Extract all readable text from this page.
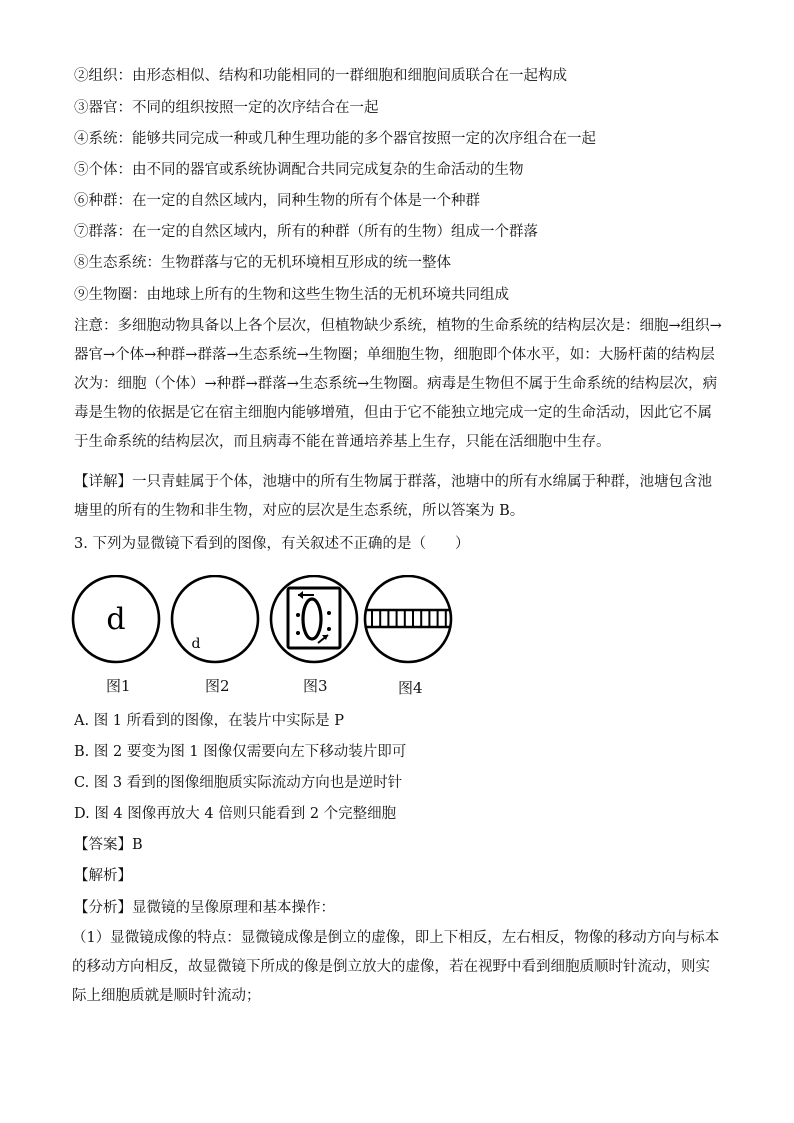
②组织：由形态相似、结构和功能相同的一群细胞和细胞间质联合在一起构成
③器官：不同的组织按照一定的次序结合在一起
④系统：能够共同完成一种或几种生理功能的多个器官按照一定的次序组合在一起
⑤个体：由不同的器官或系统协调配合共同完成复杂的生命活动的生物
⑥种群：在一定的自然区域内，同种生物的所有个体是一个种群
⑦群落：在一定的自然区域内，所有的种群（所有的生物）组成一个群落
⑧生态系统：生物群落与它的无机环境相互形成的统一整体
⑨生物圈：由地球上所有的生物和这些生物生活的无机环境共同组成
注意：多细胞动物具备以上各个层次，但植物缺少系统，植物的生命系统的结构层次是：细胞→组织→器官→个体→种群→群落→生态系统→生物圈；单细胞生物，细胞即个体水平，如：大肠杆菌的结构层次为：细胞（个体）→种群→群落→生态系统→生物圈。病毒是生物但不属于生命系统的结构层次，病毒是生物的依据是它在宿主细胞内能够增殖，但由于它不能独立地完成一定的生命活动，因此它不属于生命系统的结构层次，而且病毒不能在普通培养基上生存，只能在活细胞中生存。
【详解】一只青蛙属于个体，池塘中的所有生物属于群落，池塘中的所有水绵属于种群，池塘包含池塘里的所有的生物和非生物，对应的层次是生态系统，所以答案为 B。
3. 下列为显微镜下看到的图像，有关叙述不正确的是（　　）
d
d
图1	图2	图3	图4
A. 图 1 所看到的图像，在装片中实际是 P
B. 图 2 要变为图 1 图像仅需要向左下移动装片即可
C. 图 3 看到的图像细胞质实际流动方向也是逆时针
D. 图 4 图像再放大 4 倍则只能看到 2 个完整细胞
【答案】B
【解析】
【分析】显微镜的呈像原理和基本操作：
（1）显微镜成像的特点：显微镜成像是倒立的虚像，即上下相反，左右相反，物像的移动方向与标本的移动方向相反，故显微镜下所成的像是倒立放大的虚像，若在视野中看到细胞质顺时针流动，则实际上细胞质就是顺时针流动；
